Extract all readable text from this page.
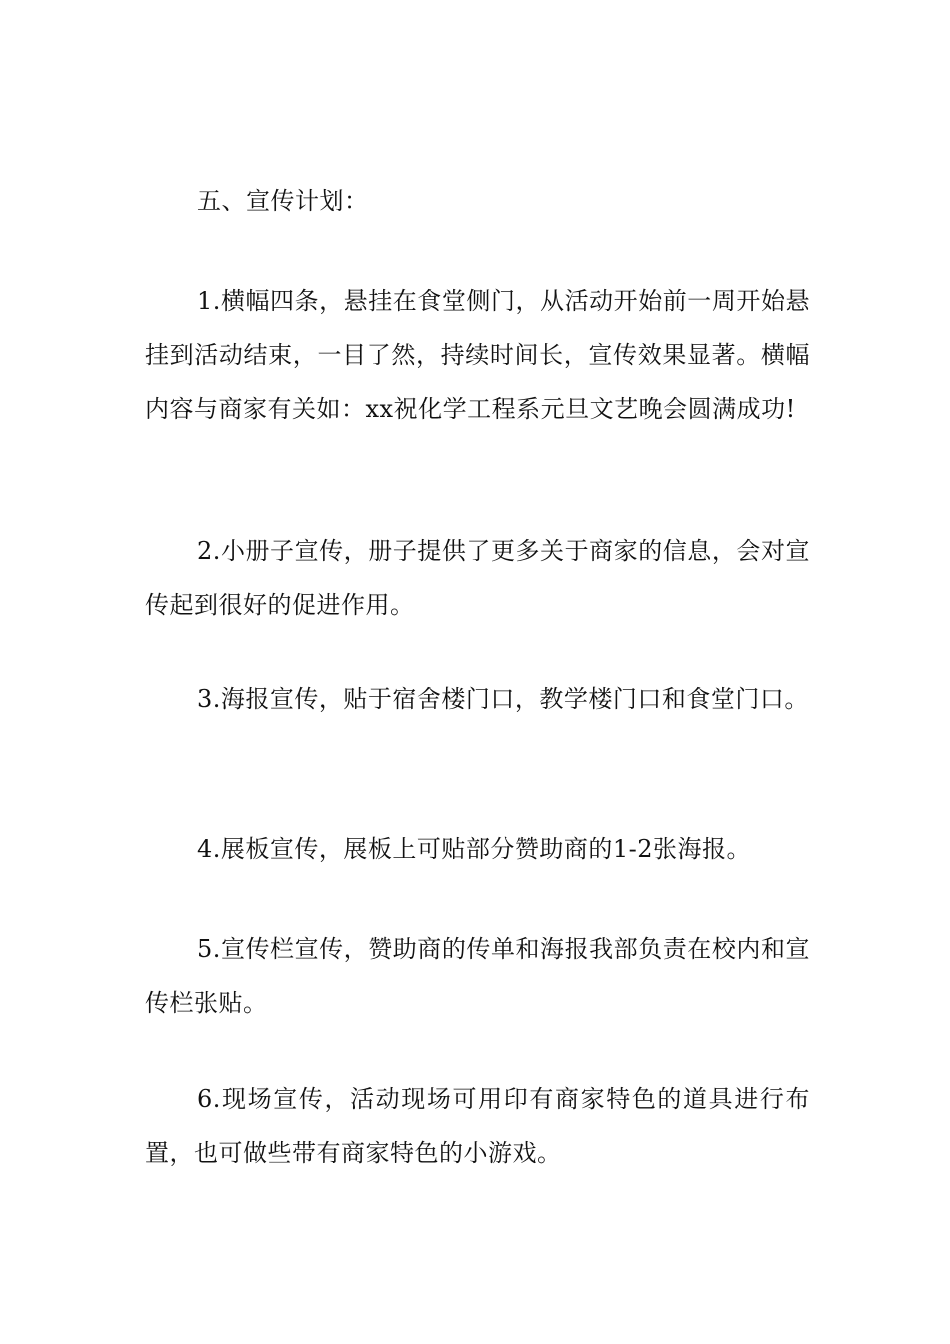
五、宣传计划：

1.横幅四条，悬挂在食堂侧门，从活动开始前一周开始悬挂到活动结束，一目了然，持续时间长，宣传效果显著。横幅内容与商家有关如：xx祝化学工程系元旦文艺晚会圆满成功!

2.小册子宣传，册子提供了更多关于商家的信息，会对宣传起到很好的促进作用。

3.海报宣传，贴于宿舍楼门口，教学楼门口和食堂门口。

4.展板宣传，展板上可贴部分赞助商的1-2张海报。

5.宣传栏宣传，赞助商的传单和海报我部负责在校内和宣传栏张贴。

6.现场宣传，活动现场可用印有商家特色的道具进行布置，也可做些带有商家特色的小游戏。
